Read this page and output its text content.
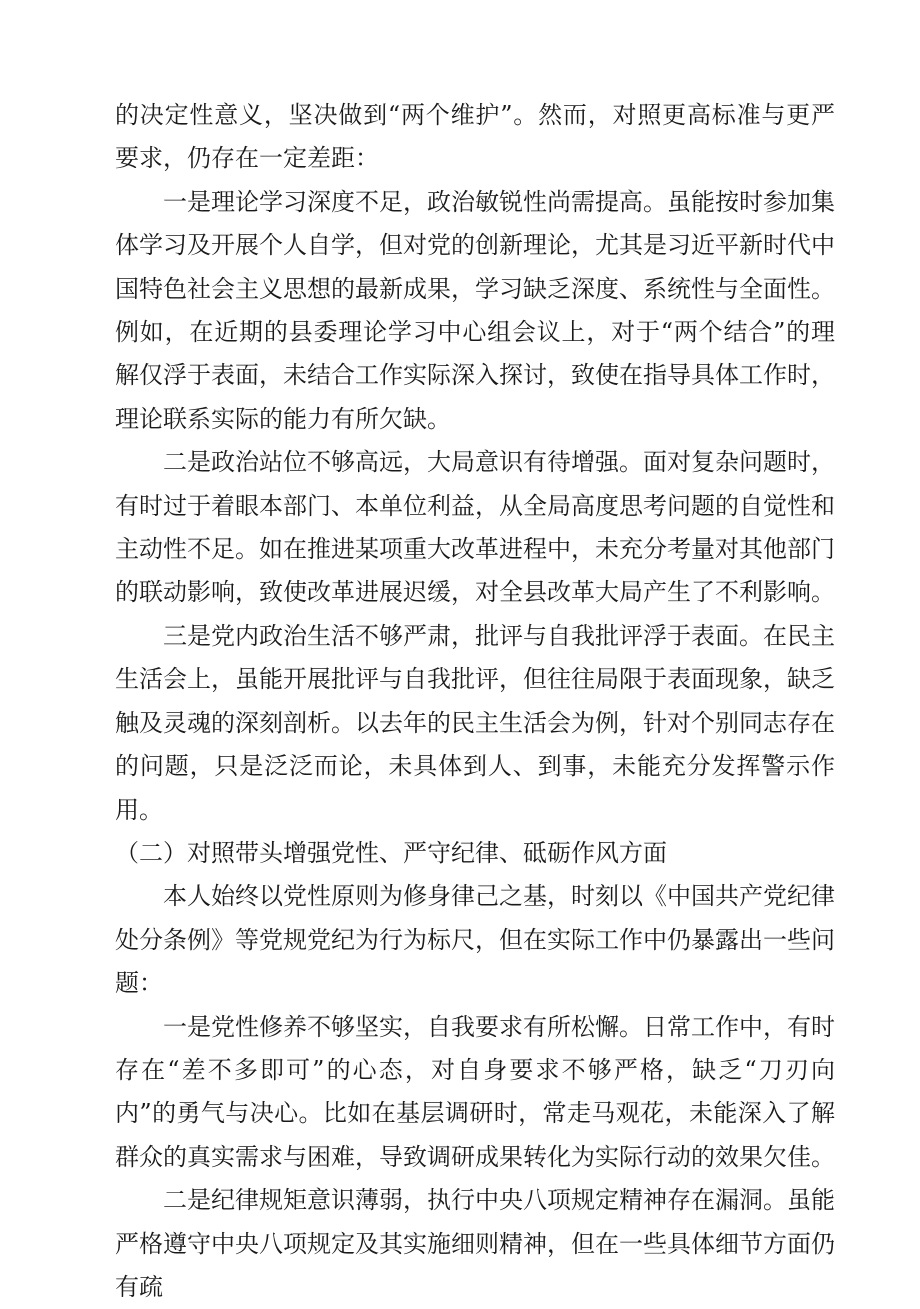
的决定性意义，坚决做到“两个维护”。然而，对照更高标准与更严要求，仍存在一定差距：

一是理论学习深度不足，政治敏锐性尚需提高。虽能按时参加集体学习及开展个人自学，但对党的创新理论，尤其是习近平新时代中国特色社会主义思想的最新成果，学习缺乏深度、系统性与全面性。例如，在近期的县委理论学习中心组会议上，对于“两个结合”的理解仅浮于表面，未结合工作实际深入探讨，致使在指导具体工作时，理论联系实际的能力有所欠缺。

二是政治站位不够高远，大局意识有待增强。面对复杂问题时，有时过于着眼本部门、本单位利益，从全局高度思考问题的自觉性和主动性不足。如在推进某项重大改革进程中，未充分考量对其他部门的联动影响，致使改革进展迟缓，对全县改革大局产生了不利影响。

三是党内政治生活不够严肃，批评与自我批评浮于表面。在民主生活会上，虽能开展批评与自我批评，但往往局限于表面现象，缺乏触及灵魂的深刻剖析。以去年的民主生活会为例，针对个别同志存在的问题，只是泛泛而论，未具体到人、到事，未能充分发挥警示作用。

（二）对照带头增强党性、严守纪律、砥砺作风方面

本人始终以党性原则为修身律己之基，时刻以《中国共产党纪律处分条例》等党规党纪为行为标尺，但在实际工作中仍暴露出一些问题：

一是党性修养不够坚实，自我要求有所松懈。日常工作中，有时存在“差不多即可”的心态，对自身要求不够严格，缺乏“刀刃向内”的勇气与决心。比如在基层调研时，常走马观花，未能深入了解群众的真实需求与困难，导致调研成果转化为实际行动的效果欠佳。

二是纪律规矩意识薄弱，执行中央八项规定精神存在漏洞。虽能严格遵守中央八项规定及其实施细则精神，但在一些具体细节方面仍有疏
